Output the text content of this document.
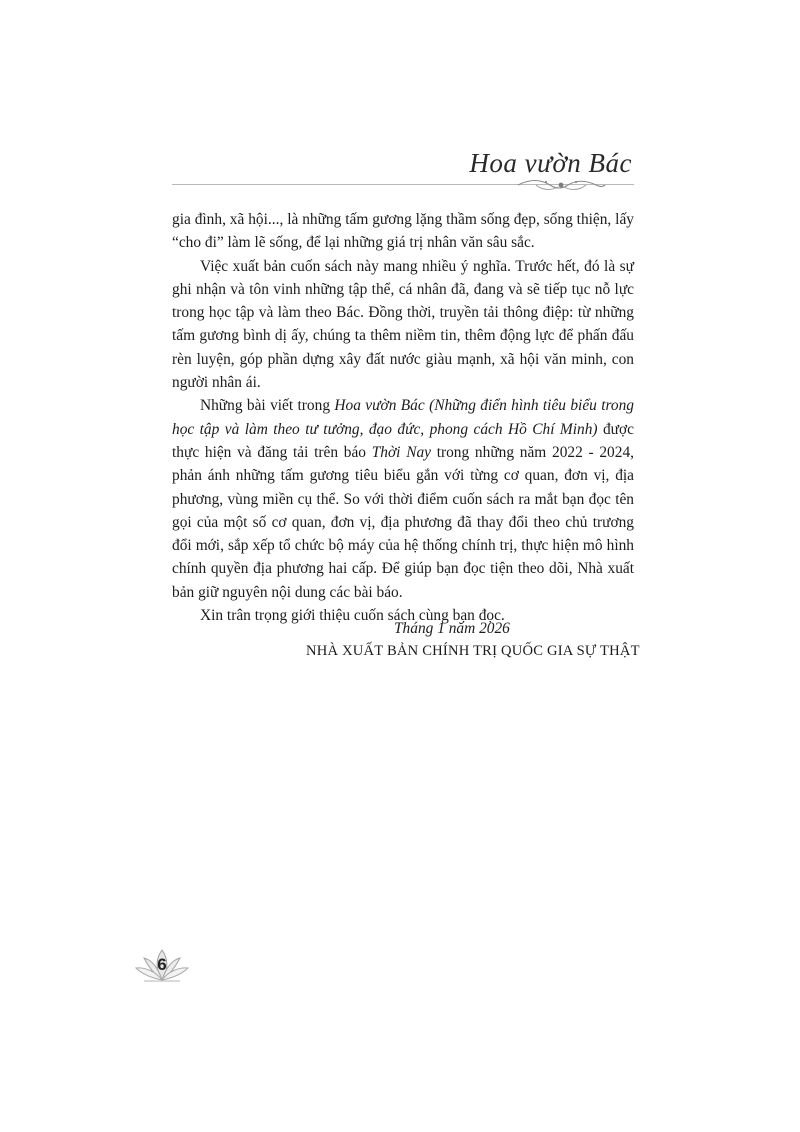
Hoa vườn Bác

gia đình, xã hội..., là những tấm gương lặng thầm sống đẹp, sống thiện, lấy “cho đi” làm lẽ sống, để lại những giá trị nhân văn sâu sắc.

Việc xuất bản cuốn sách này mang nhiều ý nghĩa. Trước hết, đó là sự ghi nhận và tôn vinh những tập thể, cá nhân đã, đang và sẽ tiếp tục nỗ lực trong học tập và làm theo Bác. Đồng thời, truyền tải thông điệp: từ những tấm gương bình dị ấy, chúng ta thêm niềm tin, thêm động lực để phấn đấu rèn luyện, góp phần dựng xây đất nước giàu mạnh, xã hội văn minh, con người nhân ái.

Những bài viết trong Hoa vườn Bác (Những điển hình tiêu biểu trong học tập và làm theo tư tưởng, đạo đức, phong cách Hồ Chí Minh) được thực hiện và đăng tải trên báo Thời Nay trong những năm 2022 - 2024, phản ánh những tấm gương tiêu biểu gắn với từng cơ quan, đơn vị, địa phương, vùng miền cụ thể. So với thời điểm cuốn sách ra mắt bạn đọc tên gọi của một số cơ quan, đơn vị, địa phương đã thay đổi theo chủ trương đổi mới, sắp xếp tổ chức bộ máy của hệ thống chính trị, thực hiện mô hình chính quyền địa phương hai cấp. Để giúp bạn đọc tiện theo dõi, Nhà xuất bản giữ nguyên nội dung các bài báo.

Xin trân trọng giới thiệu cuốn sách cùng bạn đọc.

Tháng 1 năm 2026
NHÀ XUẤT BẢN CHÍNH TRỊ QUỐC GIA SỰ THẬT
6
